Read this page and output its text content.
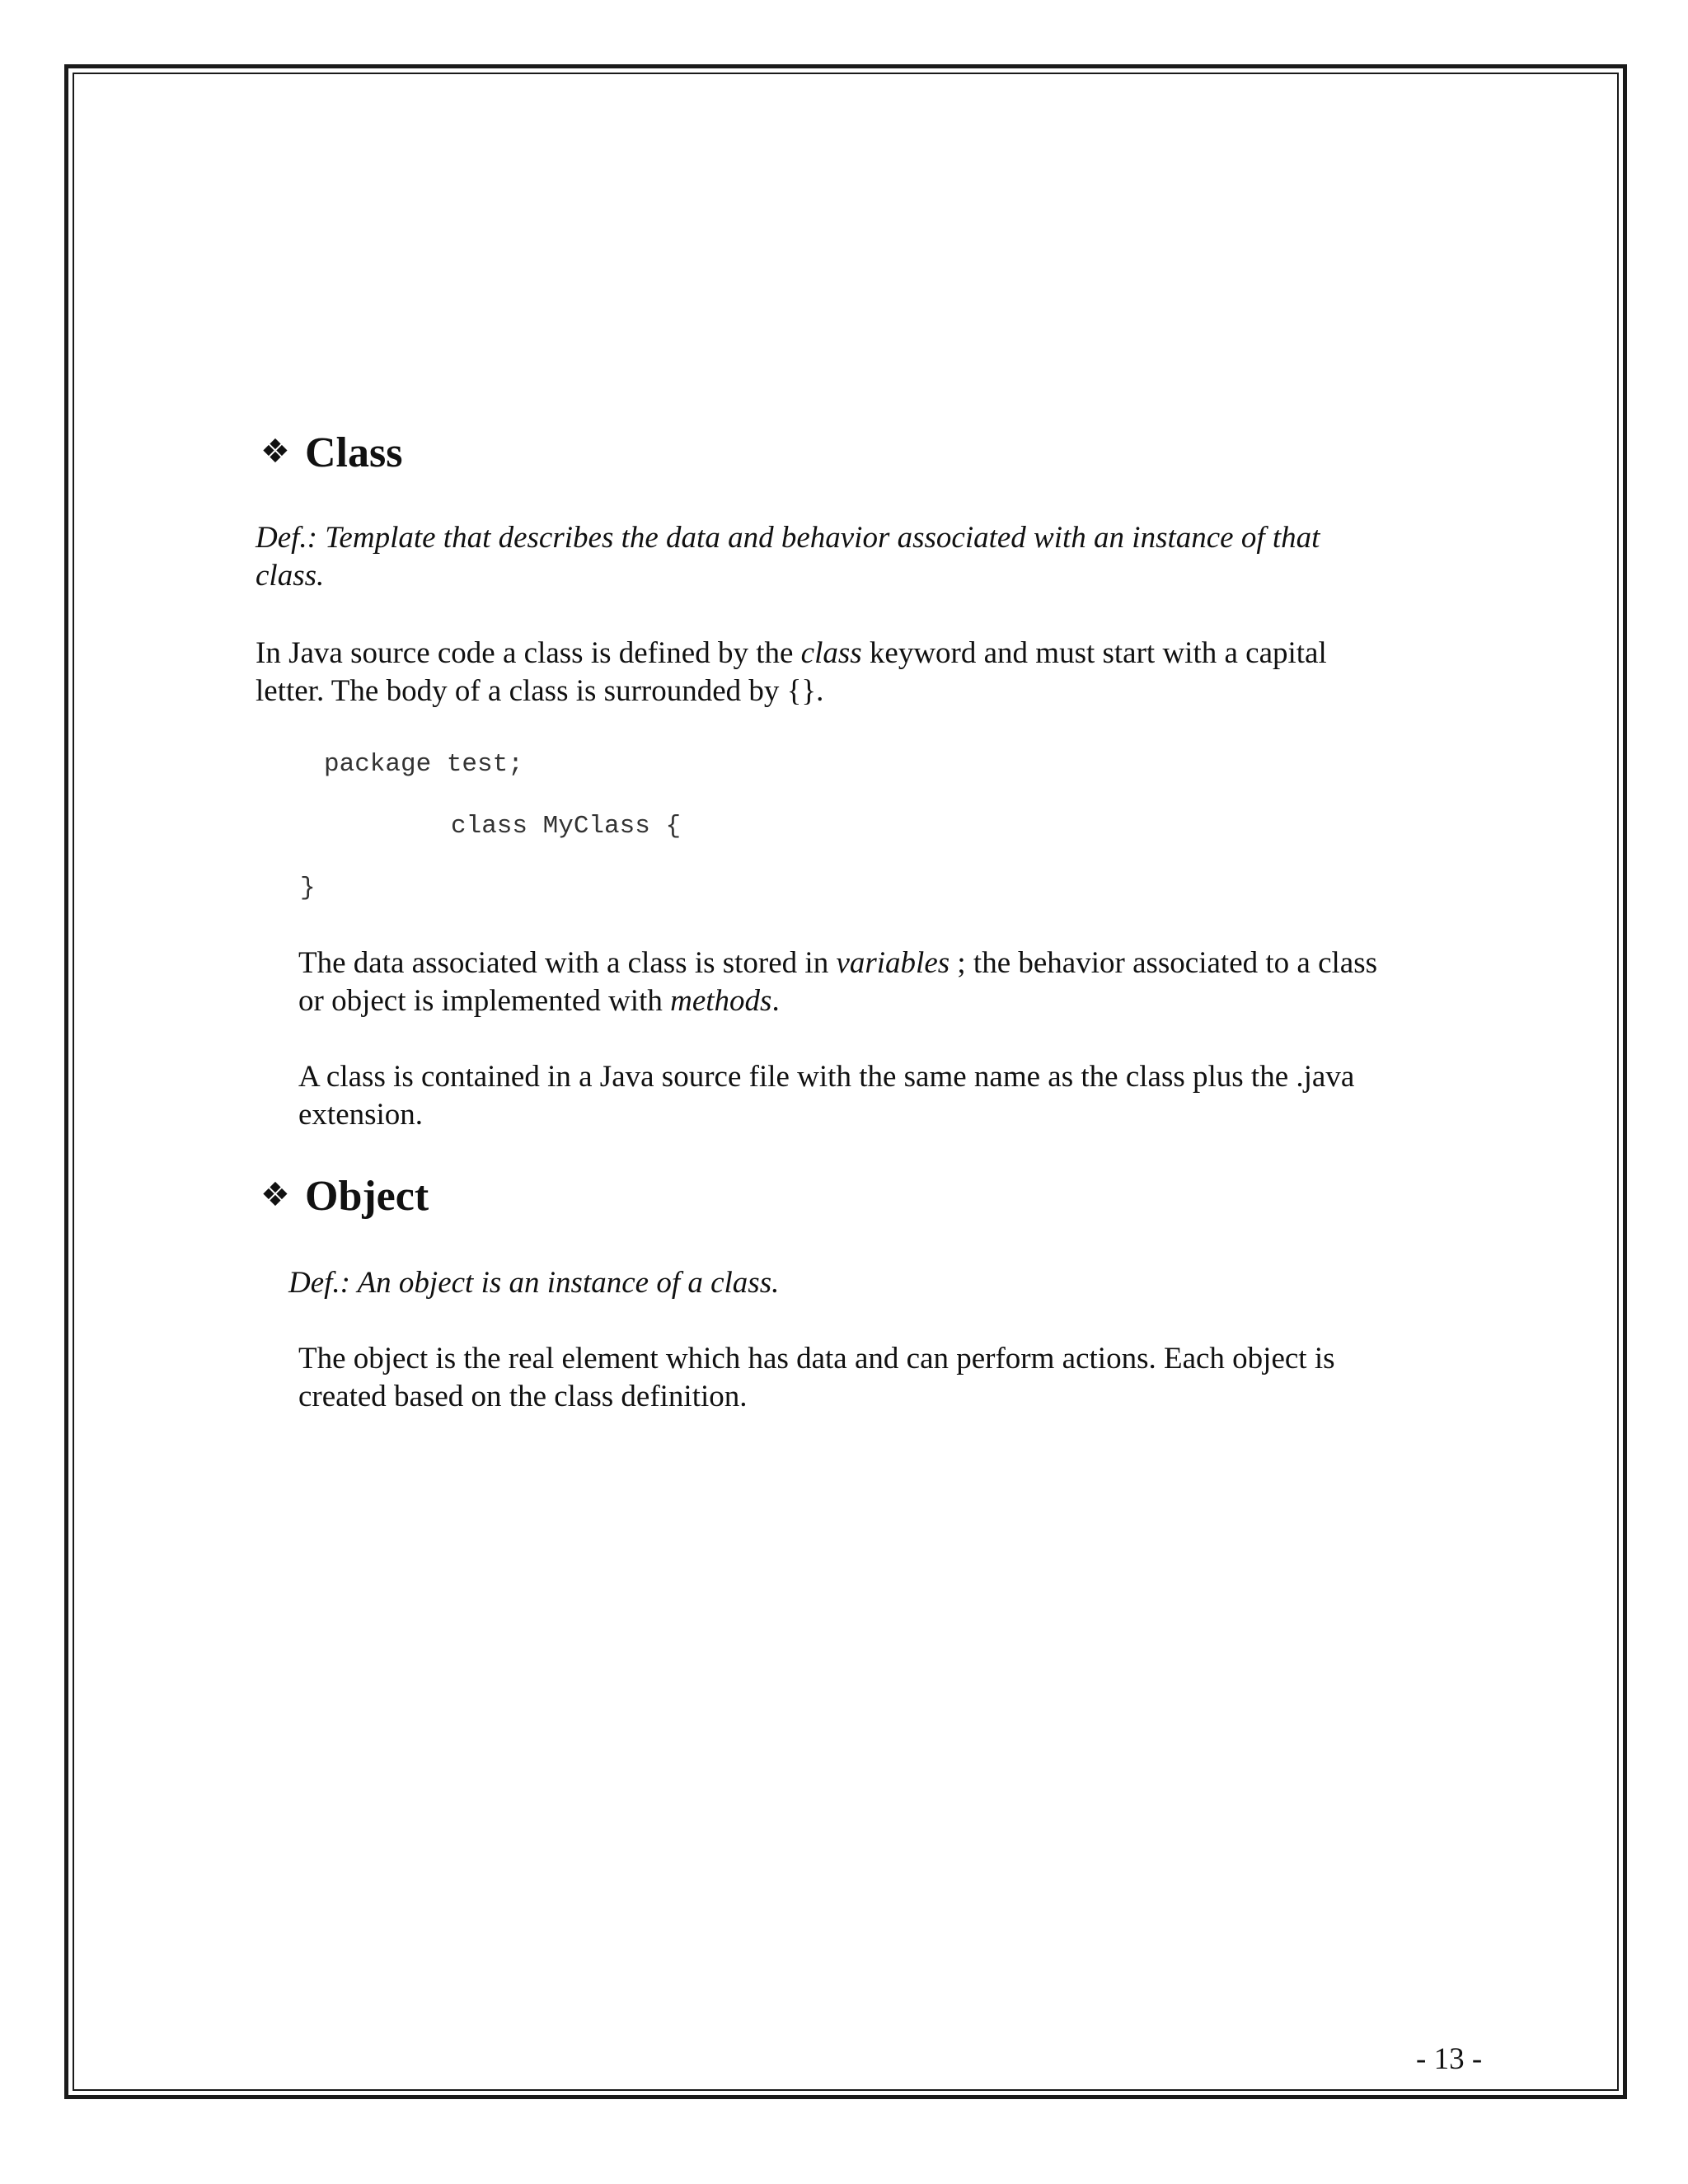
❖ Class
Def.: Template that describes the data and behavior associated with an instance of that
class.
In Java source code a class is defined by the class keyword and must start with a capital
letter. The body of a class is surrounded by {}.
package test;
class MyClass {
}
The data associated with a class is stored in variables ; the behavior associated to a class
or object is implemented with methods.
A class is contained in a Java source file with the same name as the class plus the .java
extension.
❖ Object
Def.: An object is an instance of a class.
The object is the real element which has data and can perform actions. Each object is
created based on the class definition.
- 13 -
